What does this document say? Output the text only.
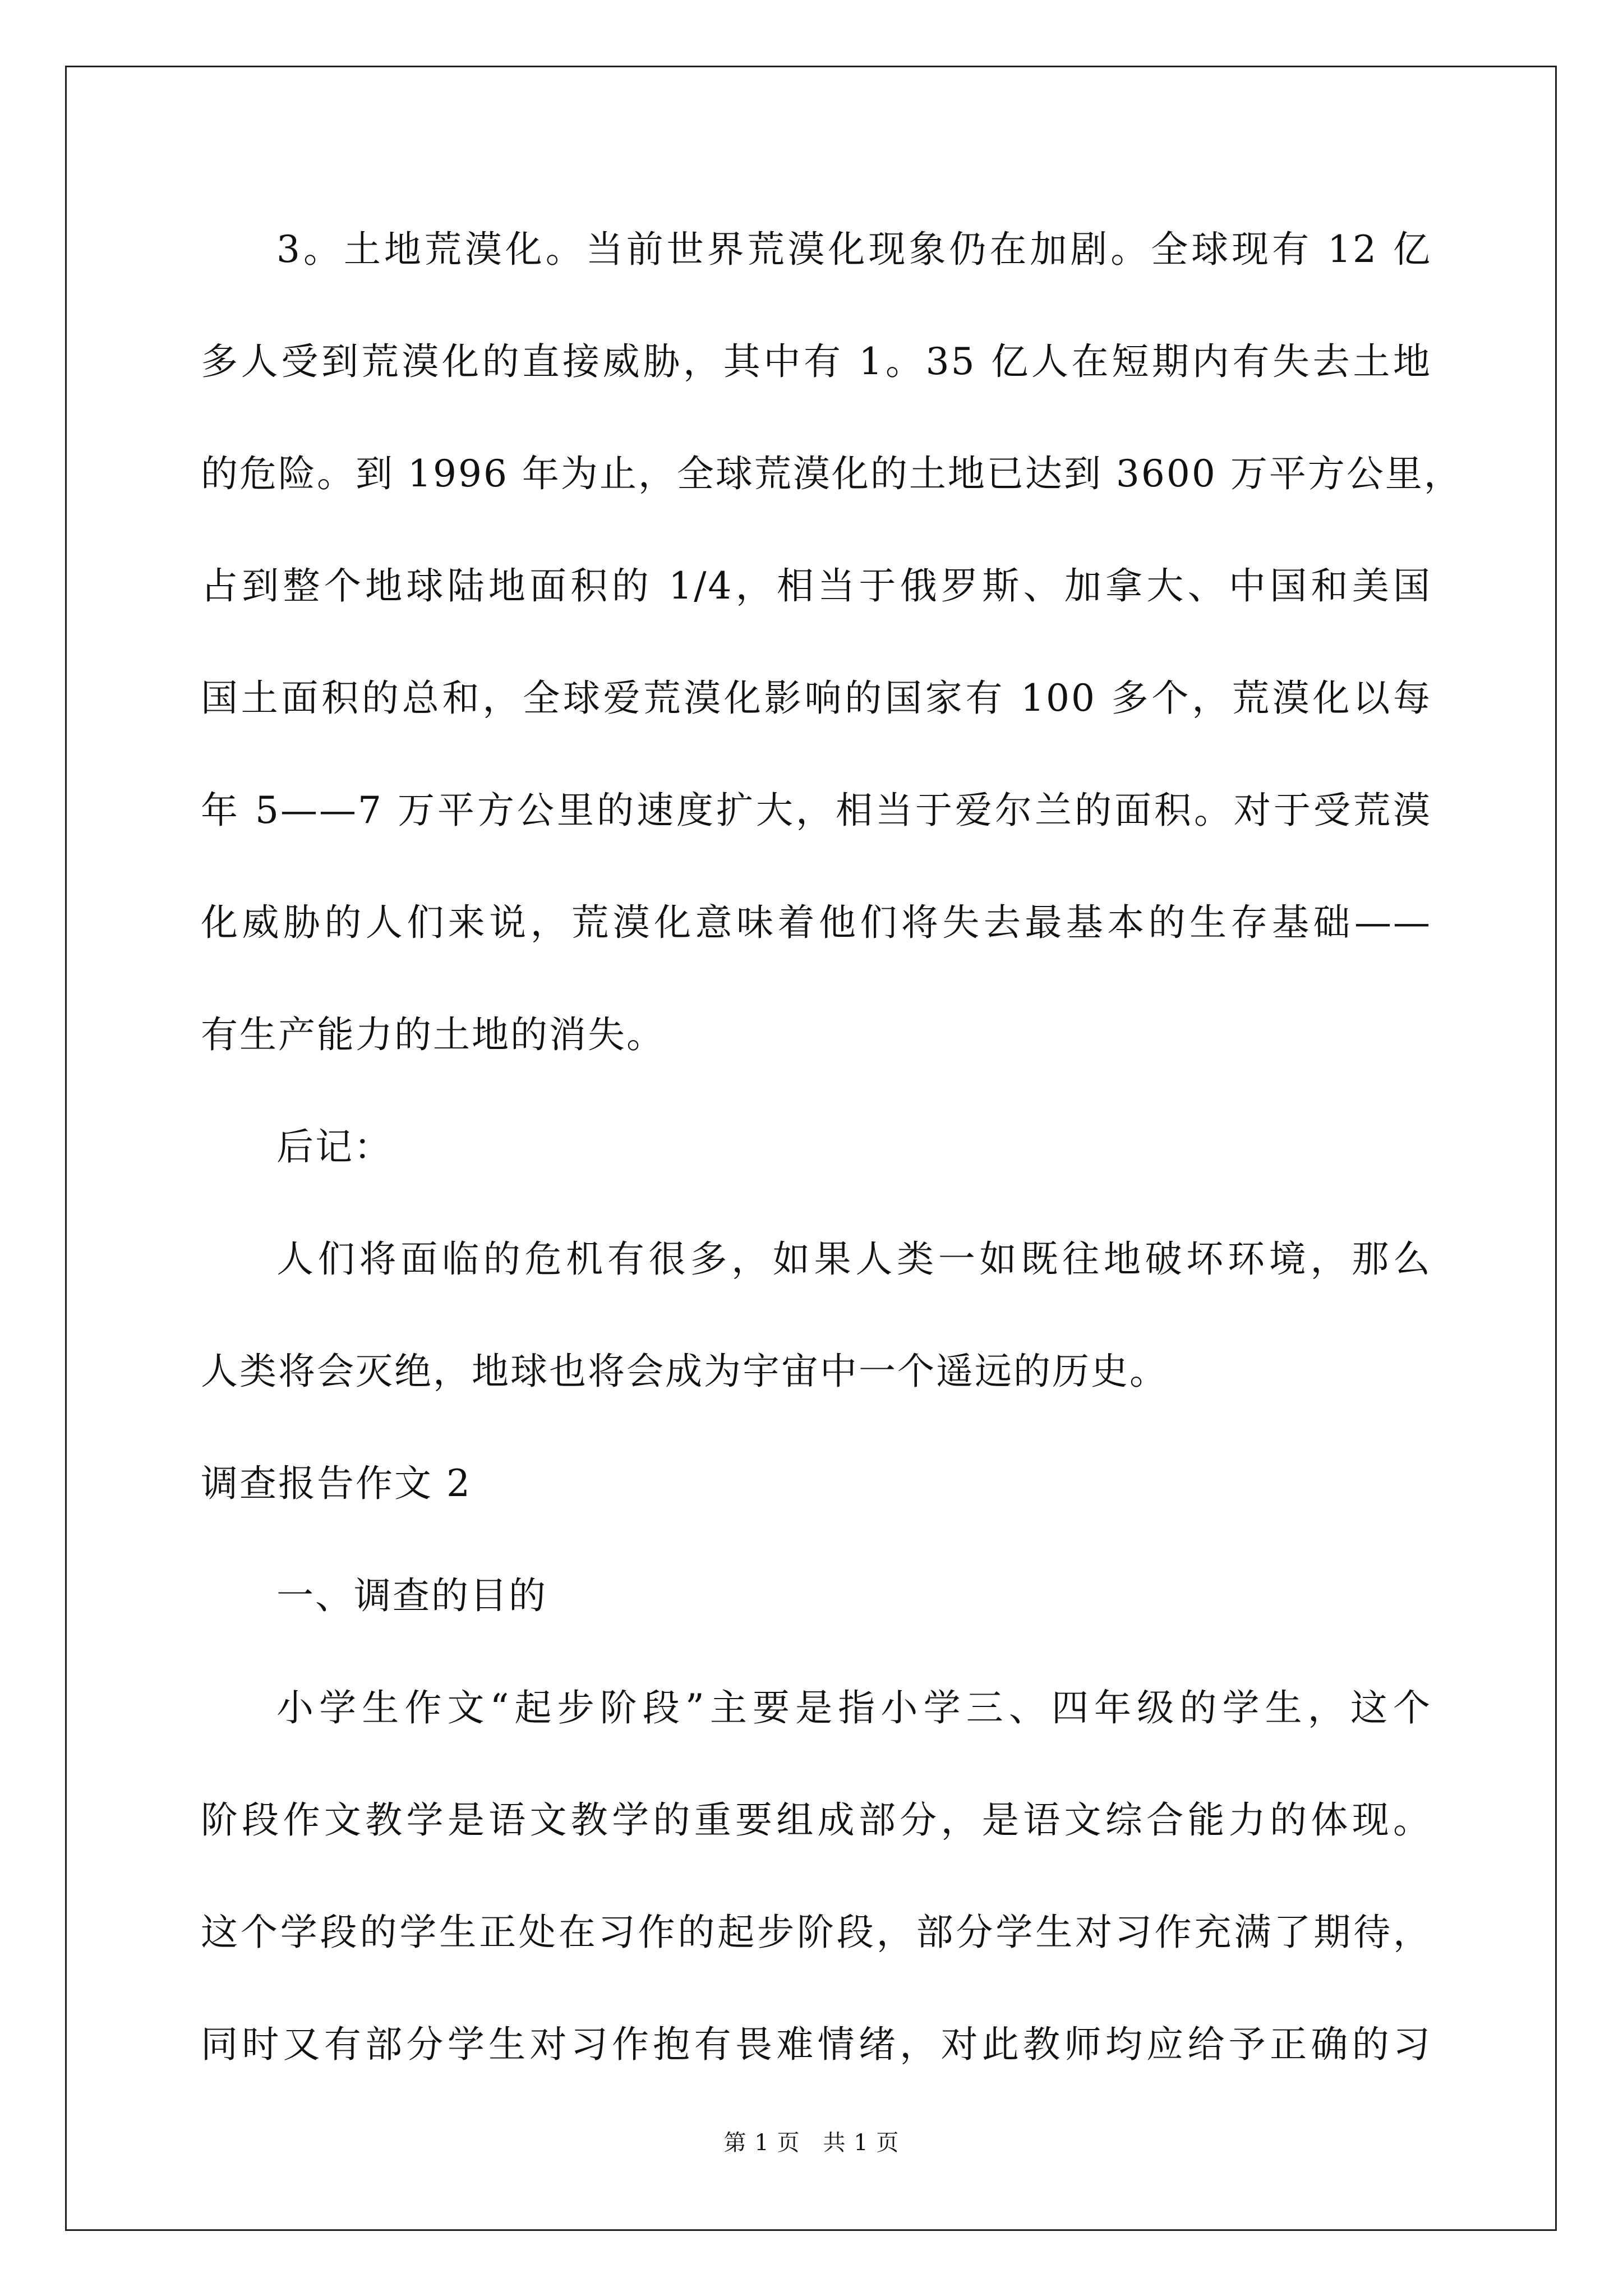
3。土地荒漠化。当前世界荒漠化现象仍在加剧。全球现有 12 亿
多人受到荒漠化的直接威胁，其中有 1。35 亿人在短期内有失去土地
的危险。到 1996 年为止，全球荒漠化的土地已达到 3600 万平方公里，
占到整个地球陆地面积的 1/4，相当于俄罗斯、加拿大、中国和美国
国土面积的总和，全球爱荒漠化影响的国家有 100 多个，荒漠化以每
年 5——7 万平方公里的速度扩大，相当于爱尔兰的面积。对于受荒漠
化威胁的人们来说，荒漠化意味着他们将失去最基本的生存基础——
有生产能力的土地的消失。
后记：
人们将面临的危机有很多，如果人类一如既往地破坏环境，那么
人类将会灭绝，地球也将会成为宇宙中一个遥远的历史。
调查报告作文 2
一、调查的目的
小学生作文“起步阶段”主要是指小学三、四年级的学生，这个
阶段作文教学是语文教学的重要组成部分，是语文综合能力的体现。
这个学段的学生正处在习作的起步阶段，部分学生对习作充满了期待，
同时又有部分学生对习作抱有畏难情绪，对此教师均应给予正确的习
第 1 页　共 1 页
